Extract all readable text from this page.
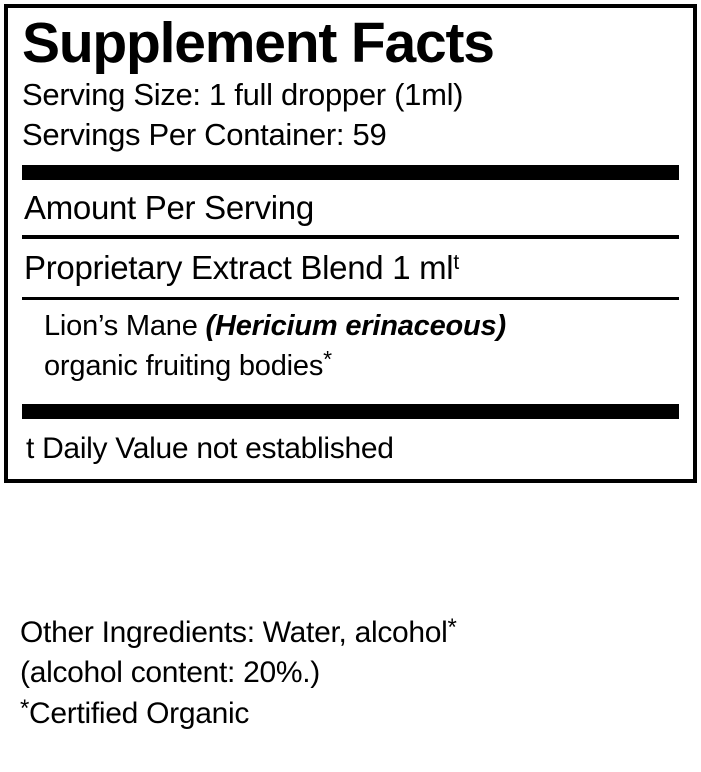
Supplement Facts
Serving Size: 1 full dropper (1ml)
Servings Per Container: 59
Amount Per Serving
Proprietary Extract Blend 1 $ml^t$
Lion’s Mane (Hericium erinaceous)
organic fruiting bodies*
t Daily Value not established
Other Ingredients: Water, alcohol*
(alcohol content: 20%.)
*Certified Organic
